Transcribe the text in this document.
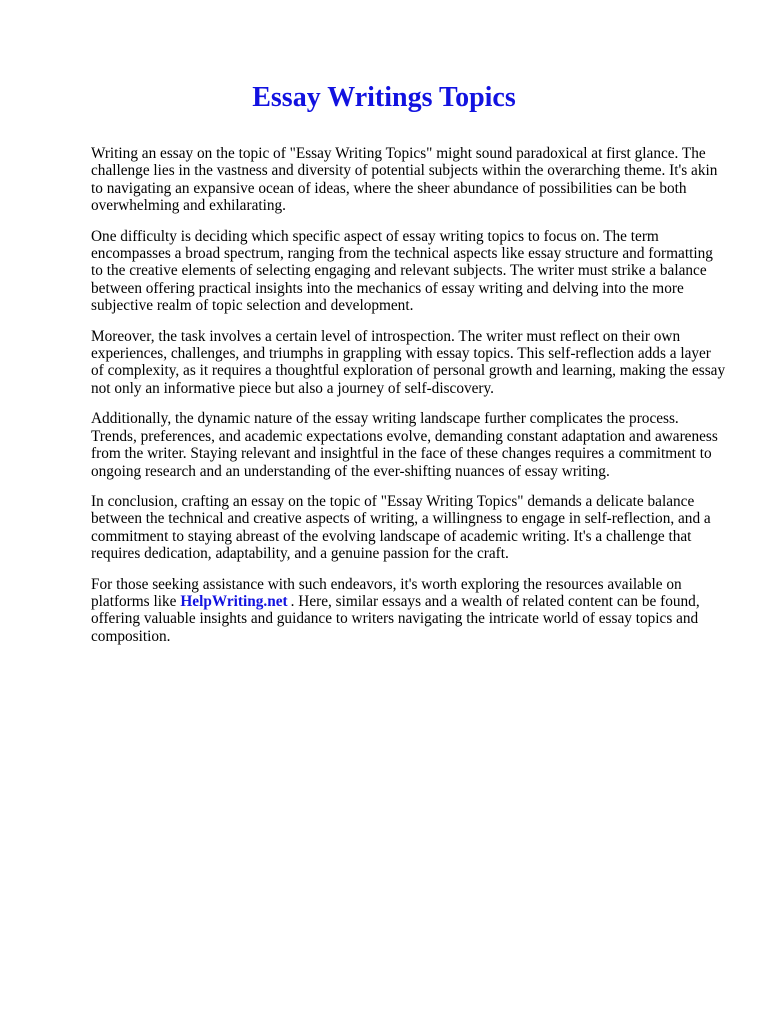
Essay Writings Topics

Writing an essay on the topic of "Essay Writing Topics" might sound paradoxical at first glance. The challenge lies in the vastness and diversity of potential subjects within the overarching theme. It's akin to navigating an expansive ocean of ideas, where the sheer abundance of possibilities can be both overwhelming and exhilarating.

One difficulty is deciding which specific aspect of essay writing topics to focus on. The term encompasses a broad spectrum, ranging from the technical aspects like essay structure and formatting to the creative elements of selecting engaging and relevant subjects. The writer must strike a balance between offering practical insights into the mechanics of essay writing and delving into the more subjective realm of topic selection and development.

Moreover, the task involves a certain level of introspection. The writer must reflect on their own experiences, challenges, and triumphs in grappling with essay topics. This self-reflection adds a layer of complexity, as it requires a thoughtful exploration of personal growth and learning, making the essay not only an informative piece but also a journey of self-discovery.

Additionally, the dynamic nature of the essay writing landscape further complicates the process. Trends, preferences, and academic expectations evolve, demanding constant adaptation and awareness from the writer. Staying relevant and insightful in the face of these changes requires a commitment to ongoing research and an understanding of the ever-shifting nuances of essay writing.

In conclusion, crafting an essay on the topic of "Essay Writing Topics" demands a delicate balance between the technical and creative aspects of writing, a willingness to engage in self-reflection, and a commitment to staying abreast of the evolving landscape of academic writing. It's a challenge that requires dedication, adaptability, and a genuine passion for the craft.

For those seeking assistance with such endeavors, it's worth exploring the resources available on platforms like HelpWriting.net . Here, similar essays and a wealth of related content can be found, offering valuable insights and guidance to writers navigating the intricate world of essay topics and composition.
